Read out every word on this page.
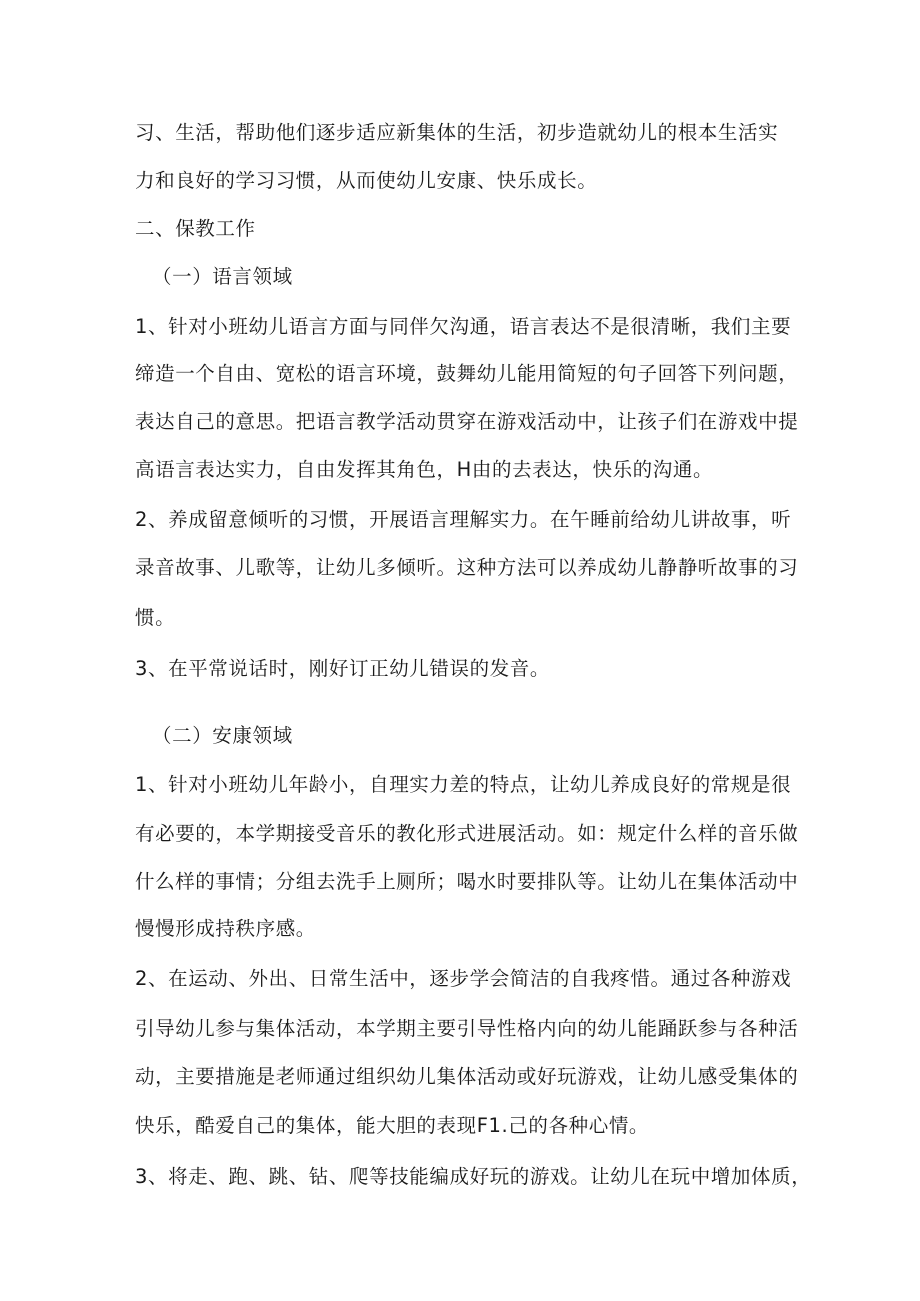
习、生活，帮助他们逐步适应新集体的生活，初步造就幼儿的根本生活实
力和良好的学习习惯，从而使幼儿安康、快乐成长。
二、保教工作
（一）语言领域
1、针对小班幼儿语言方面与同伴欠沟通，语言表达不是很清晰，我们主要
缔造一个自由、宽松的语言环境，鼓舞幼儿能用简短的句子回答下列问题，
表达自己的意思。把语言教学活动贯穿在游戏活动中，让孩子们在游戏中提
高语言表达实力，自由发挥其角色，H由的去表达，快乐的沟通。
2、养成留意倾听的习惯，开展语言理解实力。在午睡前给幼儿讲故事，听
录音故事、儿歌等，让幼儿多倾听。这种方法可以养成幼儿静静听故事的习
惯。
3、在平常说话时，刚好订正幼儿错误的发音。
（二）安康领域
1、针对小班幼儿年龄小，自理实力差的特点，让幼儿养成良好的常规是很
有必要的，本学期接受音乐的教化形式进展活动。如：规定什么样的音乐做
什么样的事情；分组去洗手上厕所；喝水时要排队等。让幼儿在集体活动中
慢慢形成持秩序感。
2、在运动、外出、日常生活中，逐步学会简洁的自我疼惜。通过各种游戏
引导幼儿参与集体活动，本学期主要引导性格内向的幼儿能踊跃参与各种活
动，主要措施是老师通过组织幼儿集体活动或好玩游戏，让幼儿感受集体的
快乐，酷爱自己的集体，能大胆的表现F1.己的各种心情。
3、将走、跑、跳、钻、爬等技能编成好玩的游戏。让幼儿在玩中增加体质，
